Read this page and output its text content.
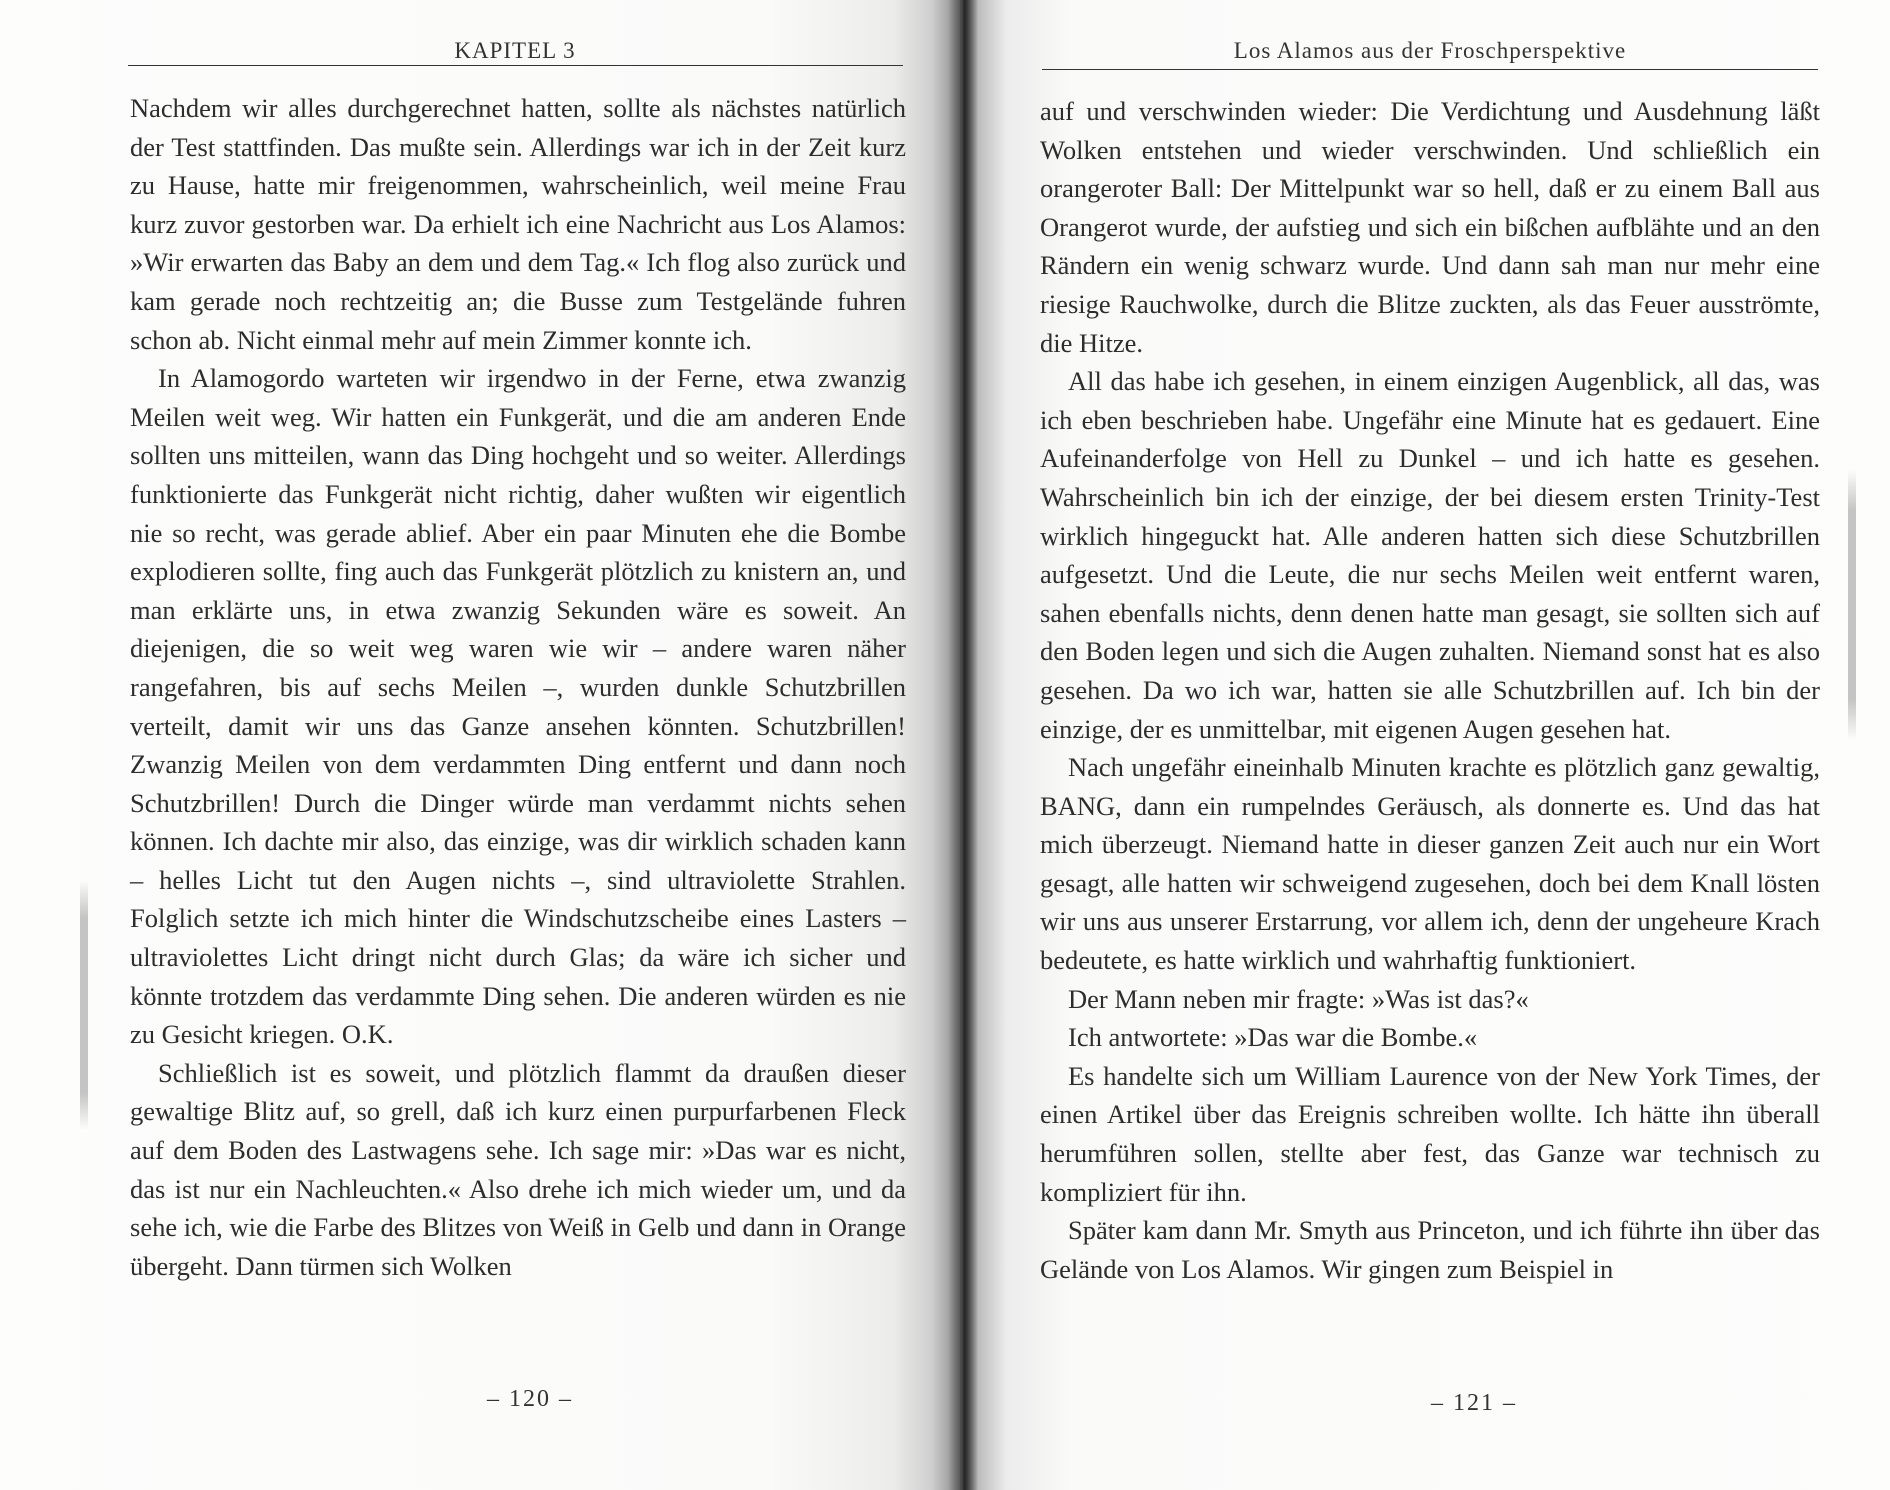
KAPITEL 3

Nachdem wir alles durchgerechnet hatten, sollte als nächstes natürlich der Test stattfinden. Das mußte sein. Allerdings war ich in der Zeit kurz zu Hause, hatte mir freigenommen, wahrscheinlich, weil meine Frau kurz zuvor gestorben war. Da erhielt ich eine Nachricht aus Los Alamos: »Wir erwarten das Baby an dem und dem Tag.« Ich flog also zurück und kam gerade noch rechtzeitig an; die Busse zum Testgelände fuhren schon ab. Nicht einmal mehr auf mein Zimmer konnte ich.

In Alamogordo warteten wir irgendwo in der Ferne, etwa zwanzig Meilen weit weg. Wir hatten ein Funkgerät, und die am anderen Ende sollten uns mitteilen, wann das Ding hochgeht und so weiter. Allerdings funktionierte das Funkgerät nicht richtig, daher wußten wir eigentlich nie so recht, was gerade ablief. Aber ein paar Minuten ehe die Bombe explodieren sollte, fing auch das Funkgerät plötzlich zu knistern an, und man erklärte uns, in etwa zwanzig Sekunden wäre es soweit. An diejenigen, die so weit weg waren wie wir – andere waren näher rangefahren, bis auf sechs Meilen –, wurden dunkle Schutzbrillen verteilt, damit wir uns das Ganze ansehen könnten. Schutzbrillen! Zwanzig Meilen von dem verdammten Ding entfernt und dann noch Schutzbrillen! Durch die Dinger würde man verdammt nichts sehen können. Ich dachte mir also, das einzige, was dir wirklich schaden kann – helles Licht tut den Augen nichts –, sind ultraviolette Strahlen. Folglich setzte ich mich hinter die Windschutzscheibe eines Lasters – ultraviolettes Licht dringt nicht durch Glas; da wäre ich sicher und könnte trotzdem das verdammte Ding sehen. Die anderen würden es nie zu Gesicht kriegen. O.K.

Schließlich ist es soweit, und plötzlich flammt da draußen dieser gewaltige Blitz auf, so grell, daß ich kurz einen purpurfarbenen Fleck auf dem Boden des Lastwagens sehe. Ich sage mir: »Das war es nicht, das ist nur ein Nachleuchten.« Also drehe ich mich wieder um, und da sehe ich, wie die Farbe des Blitzes von Weiß in Gelb und dann in Orange übergeht. Dann türmen sich Wolken

– 120 –
Los Alamos aus der Froschperspektive

auf und verschwinden wieder: Die Verdichtung und Ausdehnung läßt Wolken entstehen und wieder verschwinden. Und schließlich ein orangeroter Ball: Der Mittelpunkt war so hell, daß er zu einem Ball aus Orangerot wurde, der aufstieg und sich ein bißchen aufblähte und an den Rändern ein wenig schwarz wurde. Und dann sah man nur mehr eine riesige Rauchwolke, durch die Blitze zuckten, als das Feuer ausströmte, die Hitze.

All das habe ich gesehen, in einem einzigen Augenblick, all das, was ich eben beschrieben habe. Ungefähr eine Minute hat es gedauert. Eine Aufeinanderfolge von Hell zu Dunkel – und ich hatte es gesehen. Wahrscheinlich bin ich der einzige, der bei diesem ersten Trinity-Test wirklich hingeguckt hat. Alle anderen hatten sich diese Schutzbrillen aufgesetzt. Und die Leute, die nur sechs Meilen weit entfernt waren, sahen ebenfalls nichts, denn denen hatte man gesagt, sie sollten sich auf den Boden legen und sich die Augen zuhalten. Niemand sonst hat es also gesehen. Da wo ich war, hatten sie alle Schutzbrillen auf. Ich bin der einzige, der es unmittelbar, mit eigenen Augen gesehen hat.

Nach ungefähr eineinhalb Minuten krachte es plötzlich ganz gewaltig, BANG, dann ein rumpelndes Geräusch, als donnerte es. Und das hat mich überzeugt. Niemand hatte in dieser ganzen Zeit auch nur ein Wort gesagt, alle hatten wir schweigend zugesehen, doch bei dem Knall lösten wir uns aus unserer Erstarrung, vor allem ich, denn der ungeheure Krach bedeutete, es hatte wirklich und wahrhaftig funktioniert.

Der Mann neben mir fragte: »Was ist das?«

Ich antwortete: »Das war die Bombe.«

Es handelte sich um William Laurence von der New York Times, der einen Artikel über das Ereignis schreiben wollte. Ich hätte ihn überall herumführen sollen, stellte aber fest, das Ganze war technisch zu kompliziert für ihn.

Später kam dann Mr. Smyth aus Princeton, und ich führte ihn über das Gelände von Los Alamos. Wir gingen zum Beispiel in

– 121 –
